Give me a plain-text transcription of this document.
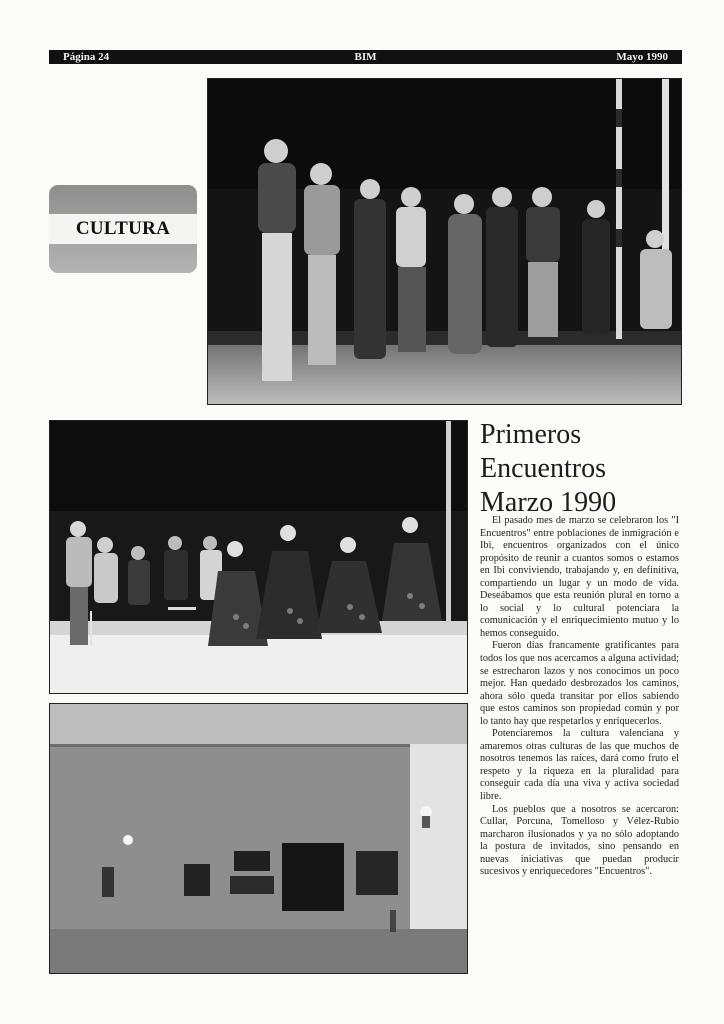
Página 24	BIM	Mayo 1990
CULTURA
Primeros
Encuentros
Marzo 1990

El pasado mes de marzo se celebraron los "I Encuentros" entre poblaciones de inmigración e Ibi, encuentros organizados con el único propósito de reunir a cuantos somos o estamos en Ibi conviviendo, trabajando y, en definitiva, compartiendo un lugar y un modo de vida. Deseábamos que esta reunión plural en torno a lo social y lo cultural potenciara la comunicación y el enriquecimiento mutuo y lo hemos conseguido.

Fueron días francamente gratificantes para todos los que nos acercamos a alguna actividad; se estrecharon lazos y nos conocimos un poco mejor. Han quedado desbrozados los caminos, ahora sólo queda transitar por ellos sabiendo que estos caminos son propiedad común y por lo tanto hay que respetarlos y enriquecerlos.

Potenciaremos la cultura valenciana y amaremos otras culturas de las que muchos de nosotros tenemos las raíces, dará como fruto el respeto y la riqueza en la pluralidad para conseguir cada día una viva y activa sociedad libre.

Los pueblos que a nosotros se acercaron: Cullar, Porcuna, Tomelloso y Vélez-Rubio marcharon ilusionados y ya no sólo adoptando la postura de invitados, sino pensando en nuevas iniciativas que puedan producir sucesivos y enriquecedores "Encuentros".
